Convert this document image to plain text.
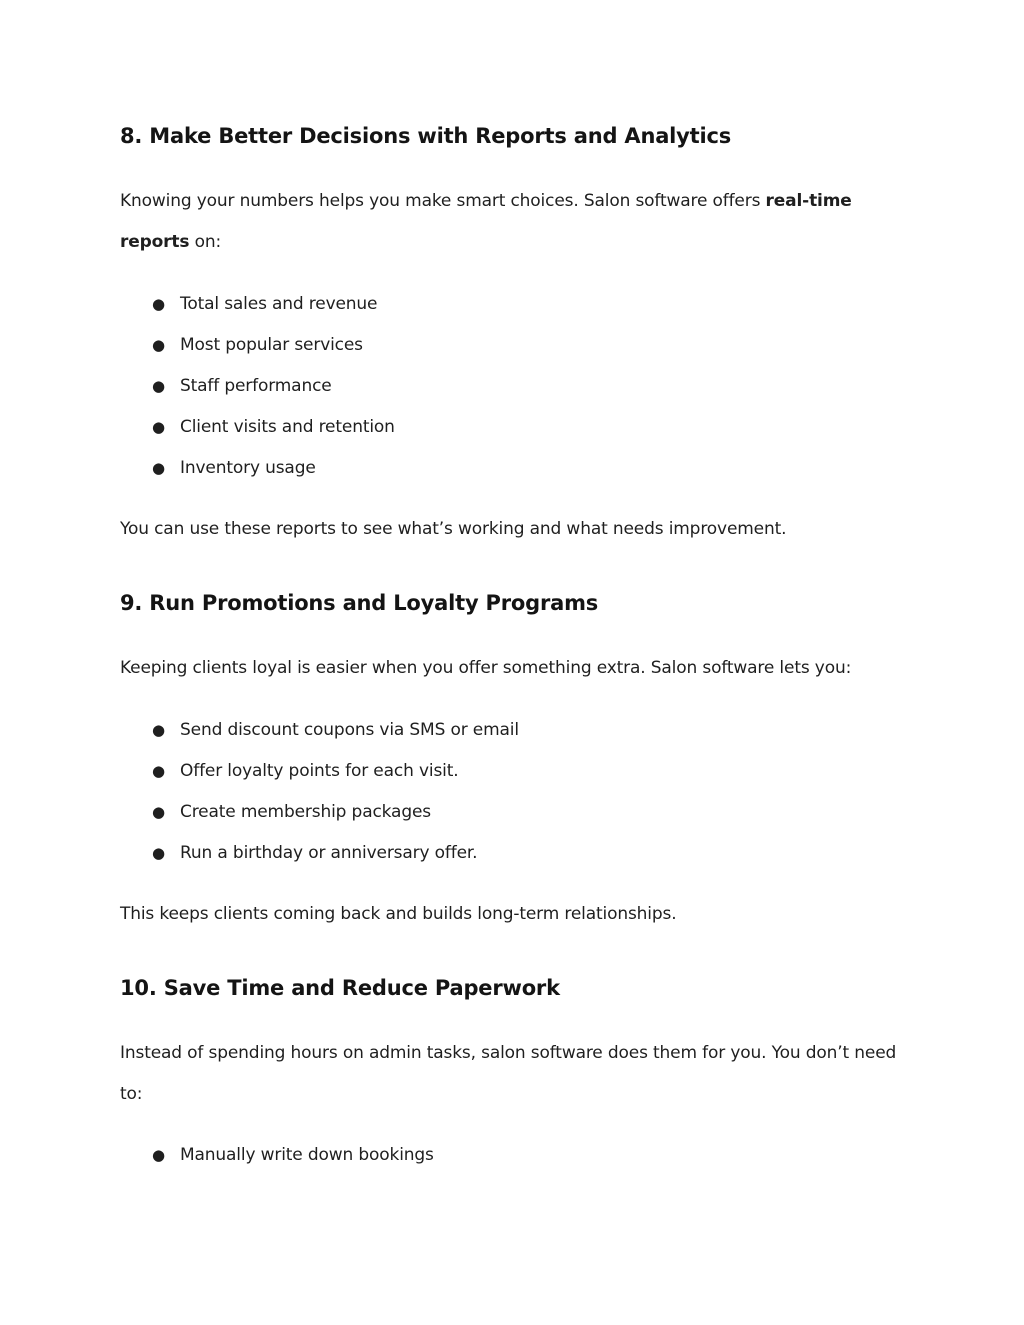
8. Make Better Decisions with Reports and Analytics

Knowing your numbers helps you make smart choices. Salon software offers real-time reports on:

● Total sales and revenue
● Most popular services
● Staff performance
● Client visits and retention
● Inventory usage

You can use these reports to see what’s working and what needs improvement.

9. Run Promotions and Loyalty Programs

Keeping clients loyal is easier when you offer something extra. Salon software lets you:

● Send discount coupons via SMS or email
● Offer loyalty points for each visit.
● Create membership packages
● Run a birthday or anniversary offer.

This keeps clients coming back and builds long-term relationships.

10. Save Time and Reduce Paperwork

Instead of spending hours on admin tasks, salon software does them for you. You don’t need to:

● Manually write down bookings
